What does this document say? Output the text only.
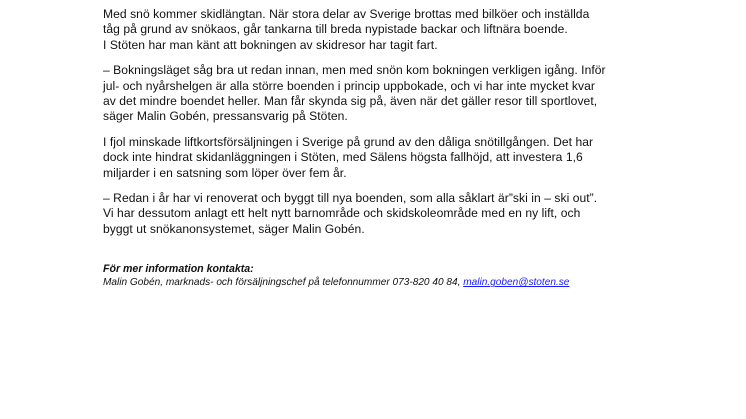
Med snö kommer skidlängtan. När stora delar av Sverige brottas med bilköer och inställda
tåg på grund av snökaos, går tankarna till breda nypistade backar och liftnära boende.
I Stöten har man känt att bokningen av skidresor har tagit fart.

– Bokningsläget såg bra ut redan innan, men med snön kom bokningen verkligen igång. Inför
jul- och nyårshelgen är alla större boenden i princip uppbokade, och vi har inte mycket kvar
av det mindre boendet heller. Man får skynda sig på, även när det gäller resor till sportlovet,
säger Malin Gobén, pressansvarig på Stöten.

I fjol minskade liftkortsförsäljningen i Sverige på grund av den dåliga snötillgången. Det har
dock inte hindrat skidanläggningen i Stöten, med Sälens högsta fallhöjd, att investera 1,6
miljarder i en satsning som löper över fem år.

– Redan i år har vi renoverat och byggt till nya boenden, som alla såklart är”ski in – ski out”.
Vi har dessutom anlagt ett helt nytt barnområde och skidskoleområde med en ny lift, och
byggt ut snökanonsystemet, säger Malin Gobén.

För mer information kontakta:
Malin Gobén, marknads- och försäljningschef på telefonnummer 073-820 40 84, malin.goben@stoten.se
